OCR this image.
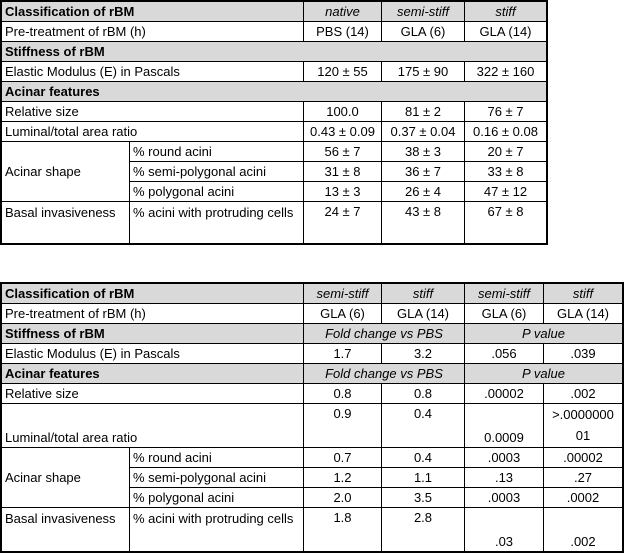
Classification of rBM		native	semi-stiff	stiff
Pre-treatment of rBM (h)		PBS (14)	GLA (6)	GLA (14)
Stiffness of rBM				
Elastic Modulus (E) in Pascals		120 ± 55	175 ± 90	322 ± 160
Acinar features				
Relative size		100.0	81 ± 2	76 ± 7
Luminal/total area ratio		0.43 ± 0.09	0.37 ± 0.04	0.16 ± 0.08
Acinar shape	% round acini	56 ± 7	38 ± 3	20 ± 7
	% semi-polygonal acini	31 ± 8	36 ± 7	33 ± 8
	% polygonal acini	13 ± 3	26 ± 4	47 ± 12
Basal invasiveness	% acini with protruding cells	24 ± 7	43 ± 8	67 ± 8
Classification of rBM		semi-stiff	stiff	semi-stiff	stiff
Pre-treatment of rBM (h)		GLA (6)	GLA (14)	GLA (6)	GLA (14)
Stiffness of rBM		Fold change vs PBS		P value	
Elastic Modulus (E) in Pascals		1.7	3.2	.056	.039
Acinar features		Fold change vs PBS		P value	
Relative size		0.8	0.8	.00002	.002
Luminal/total area ratio		0.9	0.4	0.0009	>.0000000 01
Acinar shape	% round acini	0.7	0.4	.0003	.00002
	% semi-polygonal acini	1.2	1.1	.13	.27
	% polygonal acini	2.0	3.5	.0003	.0002
Basal invasiveness	% acini with protruding cells	1.8	2.8	.03	.002
